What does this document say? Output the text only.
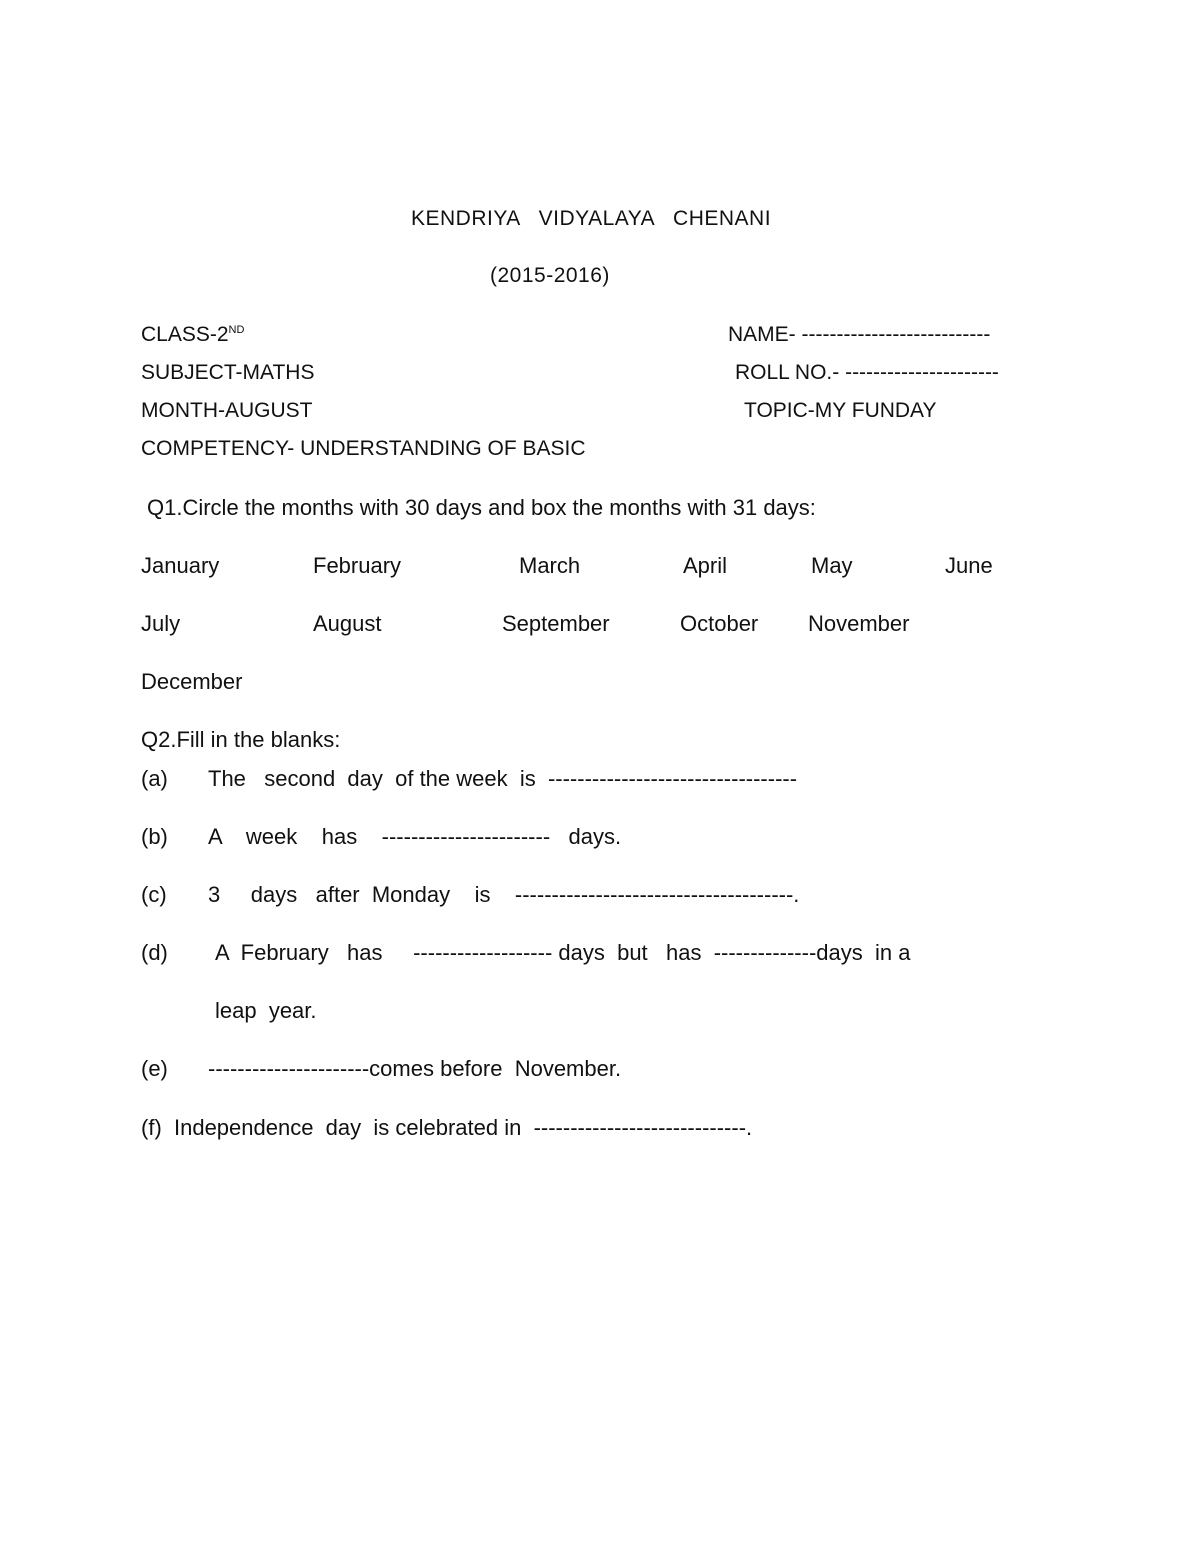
KENDRIYA   VIDYALAYA   CHENANI
(2015-2016)
CLASS-2ND
SUBJECT-MATHS
MONTH-AUGUST
COMPETENCY- UNDERSTANDING OF BASIC
NAME- ---------------------------
ROLL NO.- ----------------------
TOPIC-MY FUNDAY
Q1.Circle the months with 30 days and box the months with 31 days:
January	February	March	April	May	June
July	August	September	October November
December
Q2.Fill in the blanks:
(a) The   second  day  of the week  is  ----------------------------------
(b) A    week    has    -----------------------   days.
(c) 3     days   after  Monday    is    --------------------------------------.
(d) A  February   has     ------------------- days  but   has  --------------days  in a
leap  year.
(e) ----------------------comes before  November.
(f)  Independence  day  is celebrated in  -----------------------------.
